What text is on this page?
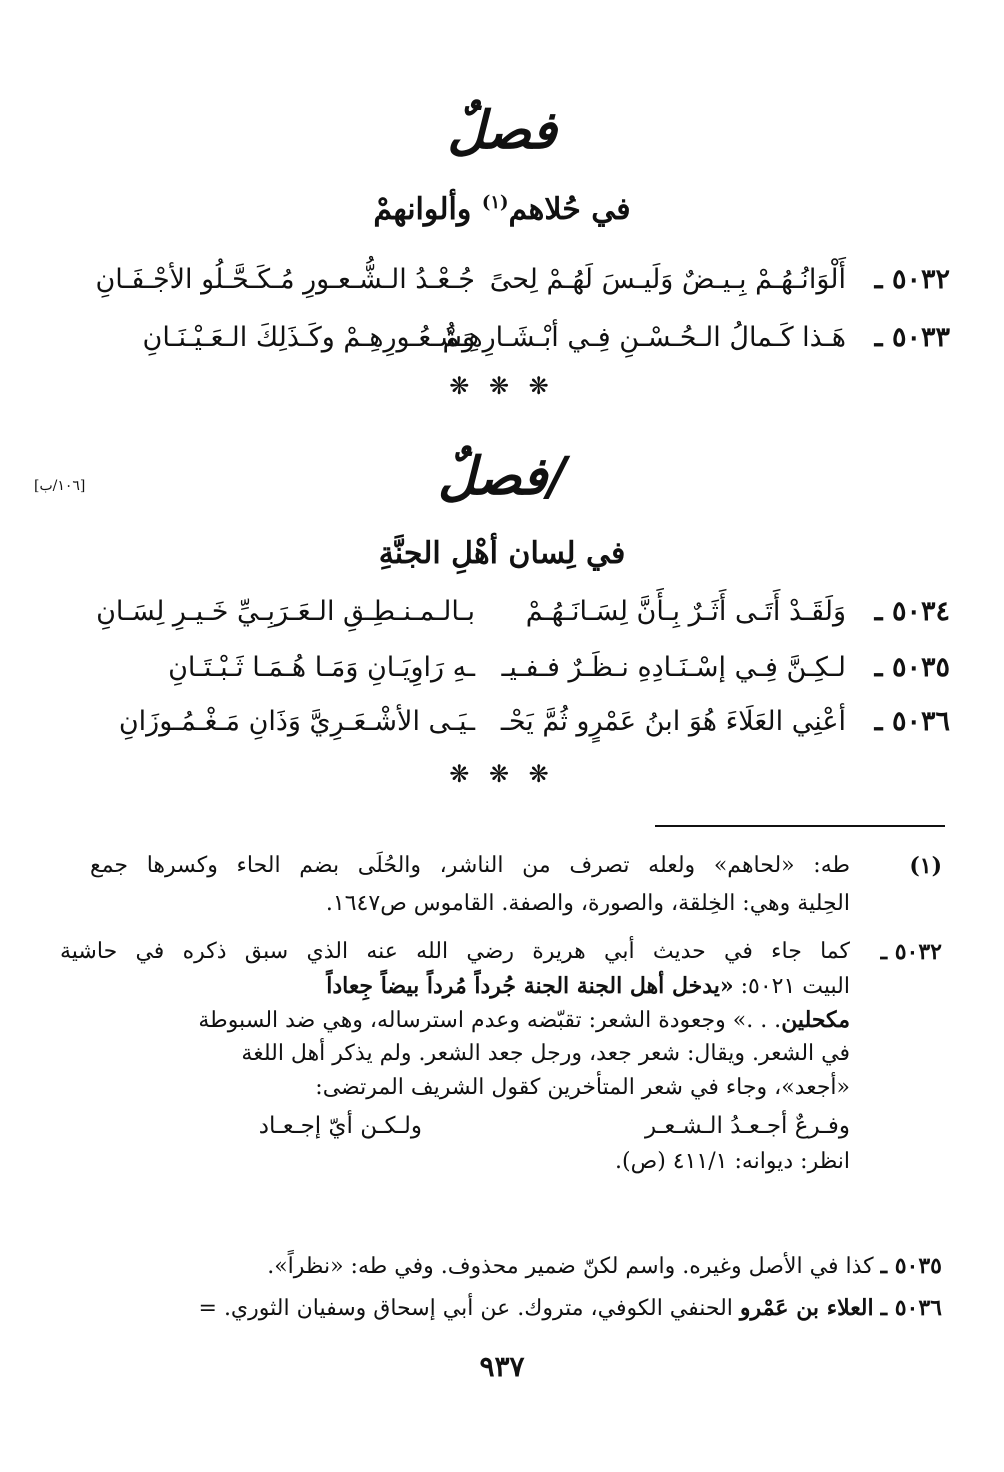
فصلٌ
في حُلاهم$^{(١)}$ وألوانهمْ
٥٠٣٢ ـ
أَلْوَانُـهُـمْ بِـيـضٌ وَلَيـسَ لَهُـمْ لِحىً
جُـعْـدُ الـشُّـعـورِ مُـكَـحَّـلُو الأجْـفَـانِ
٥٠٣٣ ـ
هَـذا كَـمالُ الـحُـسْـنِ فِـي أبْـشَـارِهِـمْ
وَشُـعُـورِهِـمْ وكَـذَلِكَ الـعَـيْـنَـانِ
❋ ❋ ❋
/فصلٌ
[١٠٦/ب]
في لِسان أهْلِ الجنَّةِ
٥٠٣٤ ـ
وَلَقَـدْ أَتَـى أَثَـرٌ بِـأَنَّ لِسَـانَـهُـمْ
بـالـمـنـطِـقِ الـعَـرَبِـيِّ خَـيـرِ لِسَـانِ
٥٠٣٥ ـ
لـكِـنَّ فِـي إسْـنَـادِهِ نـظَـرٌ فـفـيـ
ـهِ رَاوِيَـانِ وَمَـا هُـمَـا ثَـبْـتَـانِ
٥٠٣٦ ـ
أعْنِي العَلَاءَ هُوَ ابنُ عَمْرٍو ثُمَّ يَحْـ
ـيَـى الأشْـعَـرِيَّ وَذَانِ مَـغْـمُـوزَانِ
❋ ❋ ❋
(١)
طه: «لحاهم» ولعله تصرف من الناشر، والحُلَى بضم الحاء وكسرها جمع
الحِلية وهي: الخِلقة، والصورة، والصفة. القاموس ص١٦٤٧.
٥٠٣٢ ـ
كما جاء في حديث أبي هريرة رضي الله عنه الذي سبق ذكره في حاشية
البيت ٥٠٢١: «يدخل أهل الجنة الجنة جُرداً مُرداً بيضاً جِعاداً
مكحلين. . .» وجعودة الشعر: تقبّضه وعدم استرساله، وهي ضد السبوطة
في الشعر. ويقال: شعر جعد، ورجل جعد الشعر. ولم يذكر أهل اللغة
«أجعد»، وجاء في شعر المتأخرين كقول الشريف المرتضى:
وفـرعٌ أجـعـدُ الـشـعـر
ولـكـن أيّ إجـعـاد
انظر: ديوانه: ٤١١/١ (ص).
٥٠٣٥ ـ كذا في الأصل وغيره. واسم لكنّ ضمير محذوف. وفي طه: «نظراً».
٥٠٣٦ ـ العلاء بن عَمْرو الحنفي الكوفي، متروك. عن أبي إسحاق وسفيان الثوري. =
٩٣٧
